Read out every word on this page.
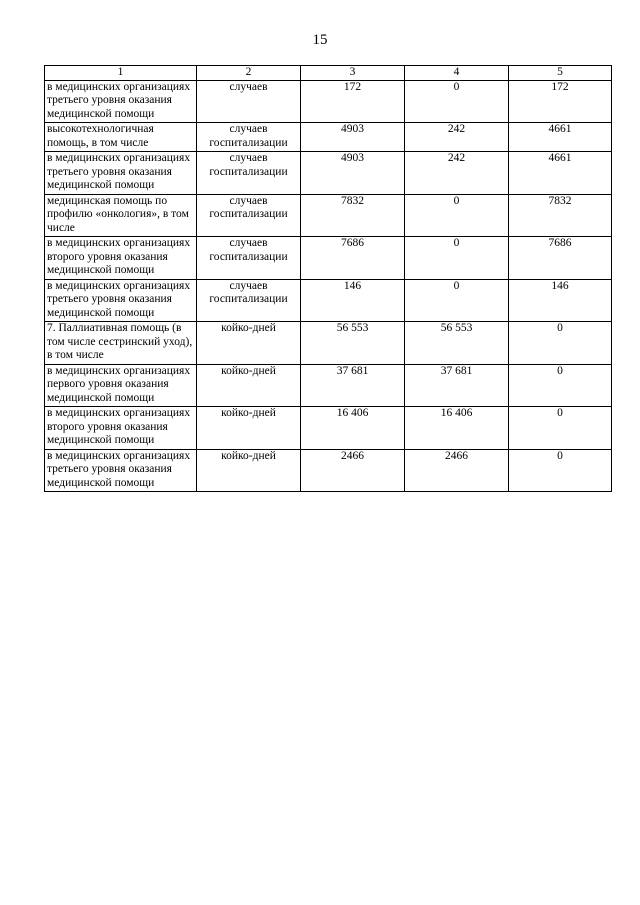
15
1	2	3	4	5
в медицинских организациях третьего уровня оказания медицинской помощи	случаев	172	0	172
высокотехнологичная помощь, в том числе	случаев госпитализации	4903	242	4661
в медицинских организациях третьего уровня оказания медицинской помощи	случаев госпитализации	4903	242	4661
медицинская помощь по профилю «онкология», в том числе	случаев госпитализации	7832	0	7832
в медицинских организациях второго уровня оказания медицинской помощи	случаев госпитализации	7686	0	7686
в медицинских организациях третьего уровня оказания медицинской помощи	случаев госпитализации	146	0	146
7. Паллиативная помощь (в том числе сестринский уход), в том числе	койко-дней	56 553	56 553	0
в медицинских организациях первого уровня оказания медицинской помощи	койко-дней	37 681	37 681	0
в медицинских организациях второго уровня оказания медицинской помощи	койко-дней	16 406	16 406	0
в медицинских организациях третьего уровня оказания медицинской помощи	койко-дней	2466	2466	0
